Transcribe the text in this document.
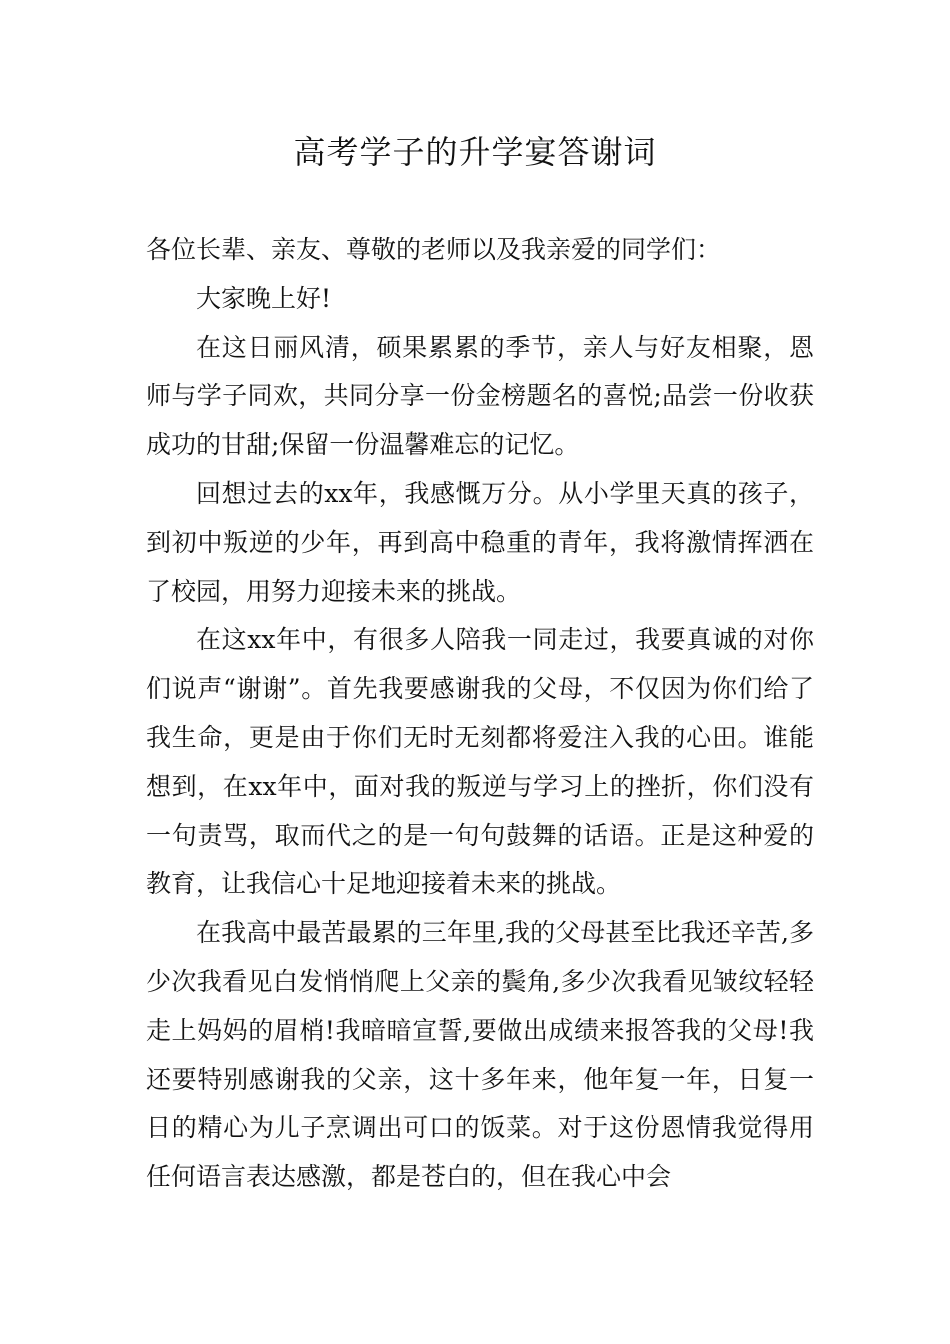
高考学子的升学宴答谢词

各位长辈、亲友、尊敬的老师以及我亲爱的同学们：

大家晚上好!

在这日丽风清，硕果累累的季节，亲人与好友相聚，恩师与学子同欢，共同分享一份金榜题名的喜悦;品尝一份收获成功的甘甜;保留一份温馨难忘的记忆。

回想过去的xx年，我感慨万分。从小学里天真的孩子，到初中叛逆的少年，再到高中稳重的青年，我将激情挥洒在了校园，用努力迎接未来的挑战。

在这xx年中，有很多人陪我一同走过，我要真诚的对你们说声“谢谢”。首先我要感谢我的父母，不仅因为你们给了我生命，更是由于你们无时无刻都将爱注入我的心田。谁能想到，在xx年中，面对我的叛逆与学习上的挫折，你们没有一句责骂，取而代之的是一句句鼓舞的话语。正是这种爱的教育，让我信心十足地迎接着未来的挑战。

在我高中最苦最累的三年里,我的父母甚至比我还辛苦,多少次我看见白发悄悄爬上父亲的鬓角,多少次我看见皱纹轻轻走上妈妈的眉梢!我暗暗宣誓,要做出成绩来报答我的父母!我还要特别感谢我的父亲，这十多年来，他年复一年，日复一日的精心为儿子烹调出可口的饭菜。对于这份恩情我觉得用任何语言表达感激，都是苍白的，但在我心中会
